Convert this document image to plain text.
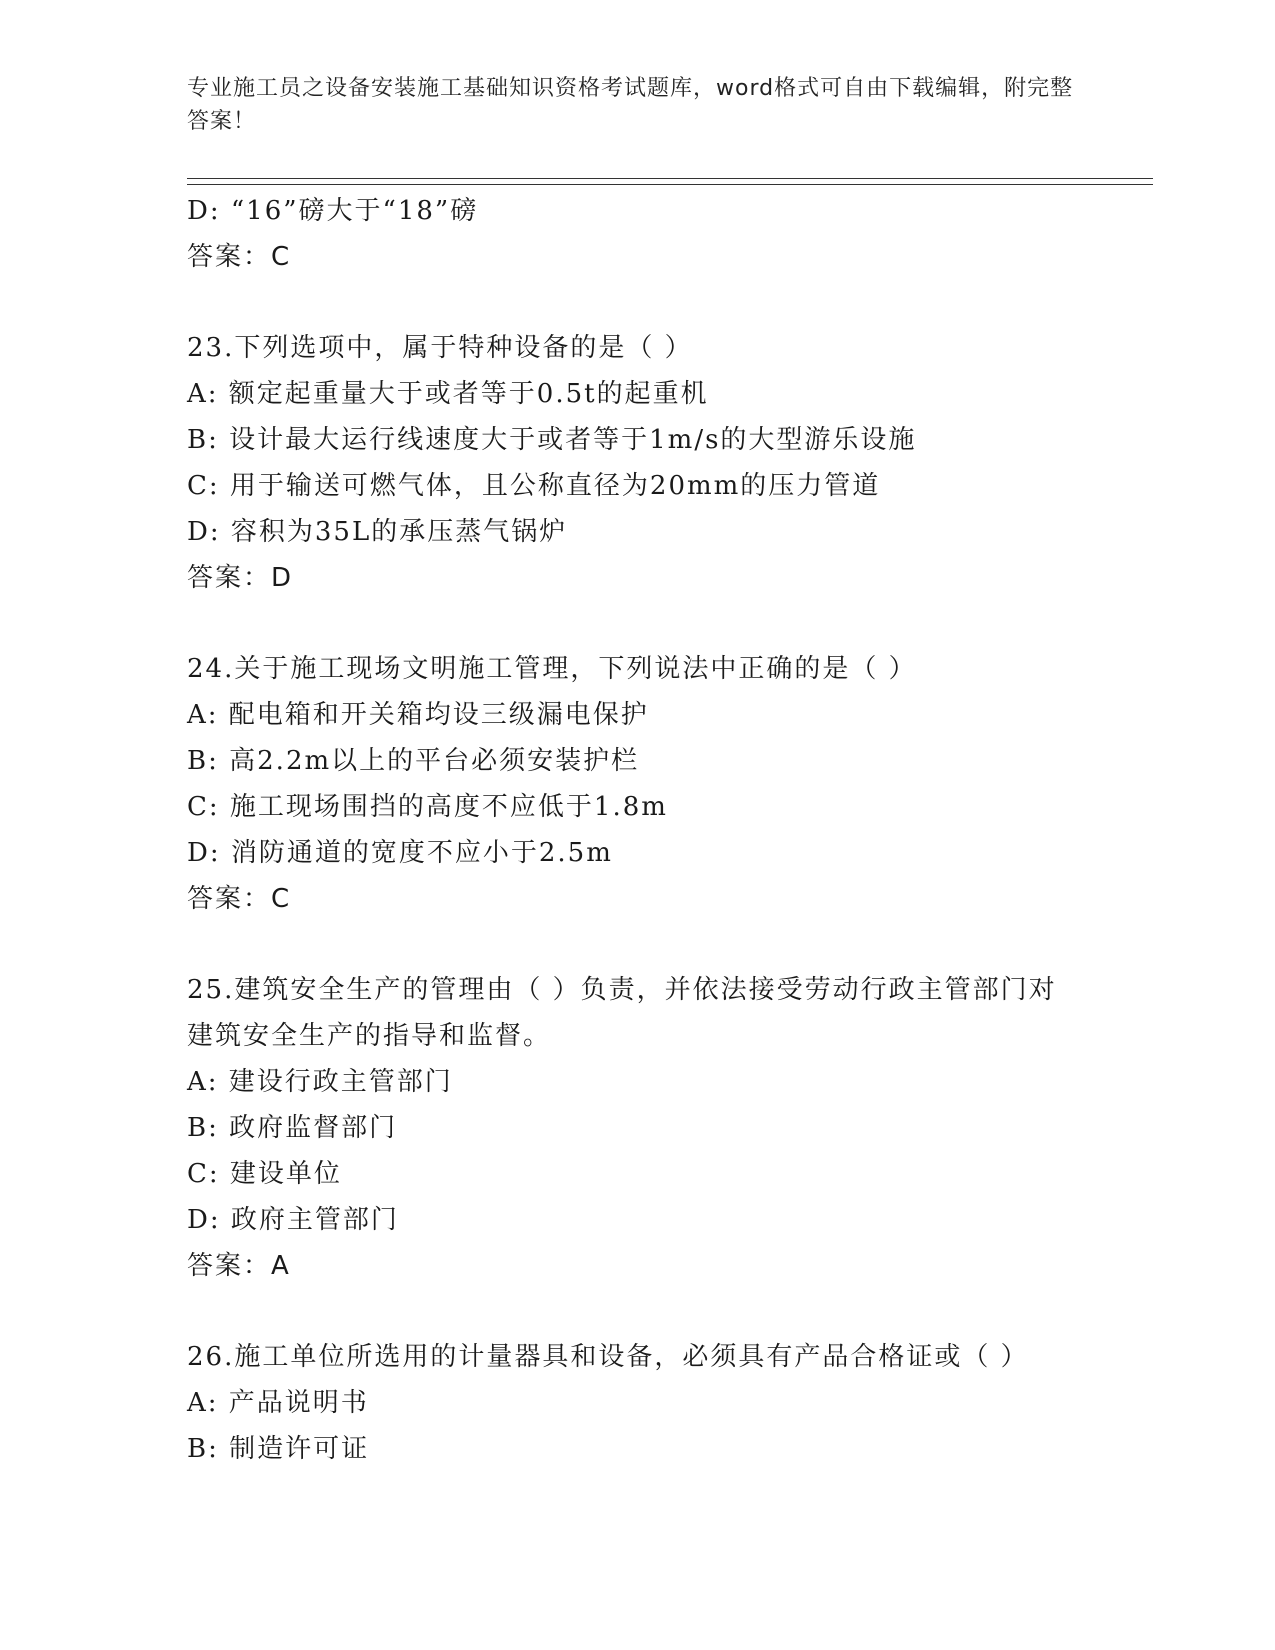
专业施工员之设备安装施工基础知识资格考试题库，word格式可自由下载编辑，附完整答案！
D: “16”磅大于“18”磅
答案：C
23.下列选项中，属于特种设备的是（ ）
A: 额定起重量大于或者等于0.5t的起重机
B: 设计最大运行线速度大于或者等于1m/s的大型游乐设施
C: 用于输送可燃气体，且公称直径为20mm的压力管道
D: 容积为35L的承压蒸气锅炉
答案：D
24.关于施工现场文明施工管理，下列说法中正确的是（ ）
A: 配电箱和开关箱均设三级漏电保护
B: 高2.2m以上的平台必须安装护栏
C: 施工现场围挡的高度不应低于1.8m
D: 消防通道的宽度不应小于2.5m
答案：C
25.建筑安全生产的管理由（ ）负责，并依法接受劳动行政主管部门对建筑安全生产的指导和监督。
A: 建设行政主管部门
B: 政府监督部门
C: 建设单位
D: 政府主管部门
答案：A
26.施工单位所选用的计量器具和设备，必须具有产品合格证或（ ）
A: 产品说明书
B: 制造许可证
